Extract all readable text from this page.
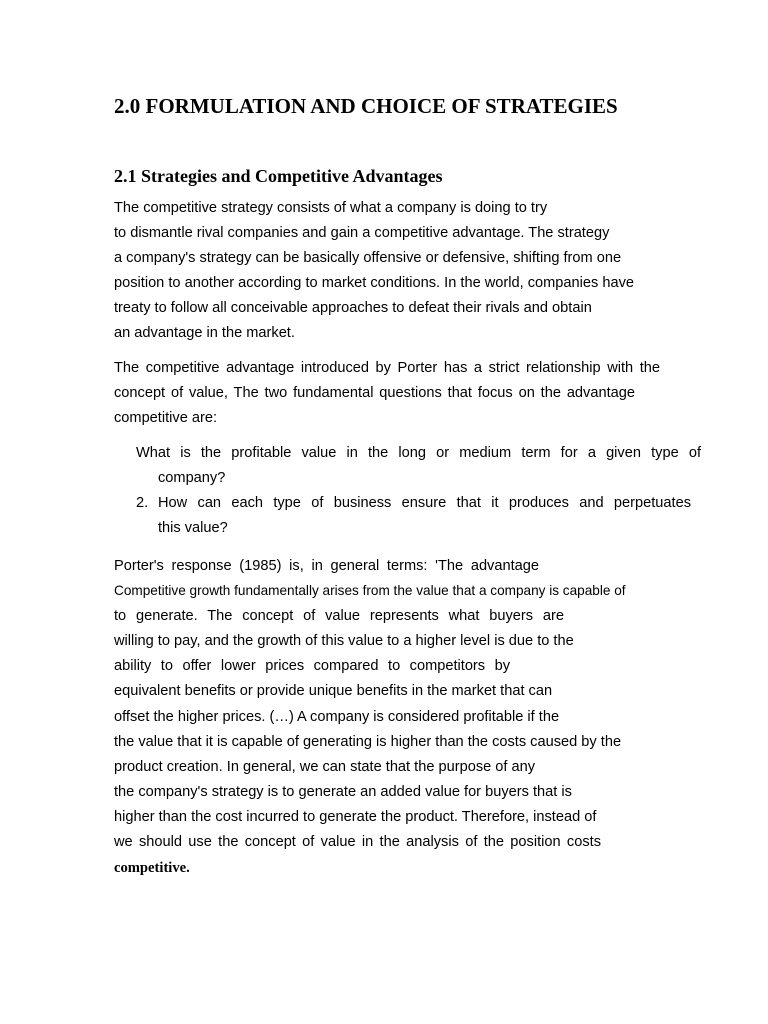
2.0 FORMULATION AND CHOICE OF STRATEGIES
2.1 Strategies and Competitive Advantages
The competitive strategy consists of what a company is doing to try
to dismantle rival companies and gain a competitive advantage. The strategy
a company's strategy can be basically offensive or defensive, shifting from one
position to another according to market conditions. In the world, companies have
treaty to follow all conceivable approaches to defeat their rivals and obtain
an advantage in the market.
The competitive advantage introduced by Porter has a strict relationship with the
concept of value, The two fundamental questions that focus on the advantage
competitive are:
What is the profitable value in the long or medium term for a given type of
company?
2. How can each type of business ensure that it produces and perpetuates
this value?
Porter's response (1985) is, in general terms: 'The advantage
Competitive growth fundamentally arises from the value that a company is capable of
to generate. The concept of value represents what buyers are
willing to pay, and the growth of this value to a higher level is due to the
ability to offer lower prices compared to competitors by
equivalent benefits or provide unique benefits in the market that can
offset the higher prices. (…) A company is considered profitable if the
the value that it is capable of generating is higher than the costs caused by the
product creation. In general, we can state that the purpose of any
the company's strategy is to generate an added value for buyers that is
higher than the cost incurred to generate the product. Therefore, instead of
we should use the concept of value in the analysis of the position costs
competitive.
